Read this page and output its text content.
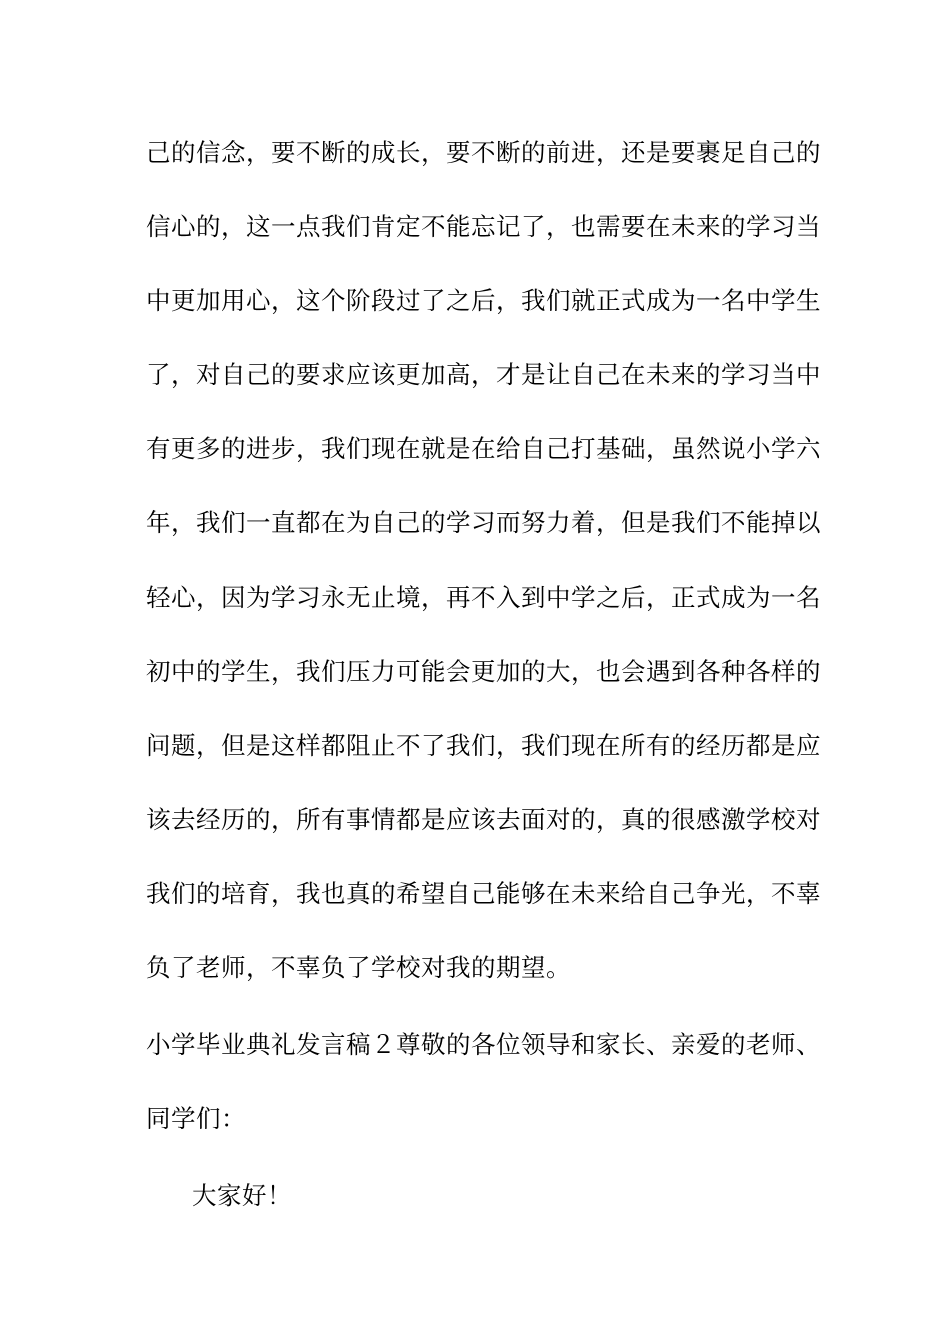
己的信念，要不断的成长，要不断的前进，还是要裹足自己的
信心的，这一点我们肯定不能忘记了，也需要在未来的学习当
中更加用心，这个阶段过了之后，我们就正式成为一名中学生
了，对自己的要求应该更加高，才是让自己在未来的学习当中
有更多的进步，我们现在就是在给自己打基础，虽然说小学六
年，我们一直都在为自己的学习而努力着，但是我们不能掉以
轻心，因为学习永无止境，再不入到中学之后，正式成为一名
初中的学生，我们压力可能会更加的大，也会遇到各种各样的
问题，但是这样都阻止不了我们，我们现在所有的经历都是应
该去经历的，所有事情都是应该去面对的，真的很感激学校对
我们的培育，我也真的希望自己能够在未来给自己争光，不辜
负了老师，不辜负了学校对我的期望。
小学毕业典礼发言稿２尊敬的各位领导和家长、亲爱的老师、
同学们：
大家好！
